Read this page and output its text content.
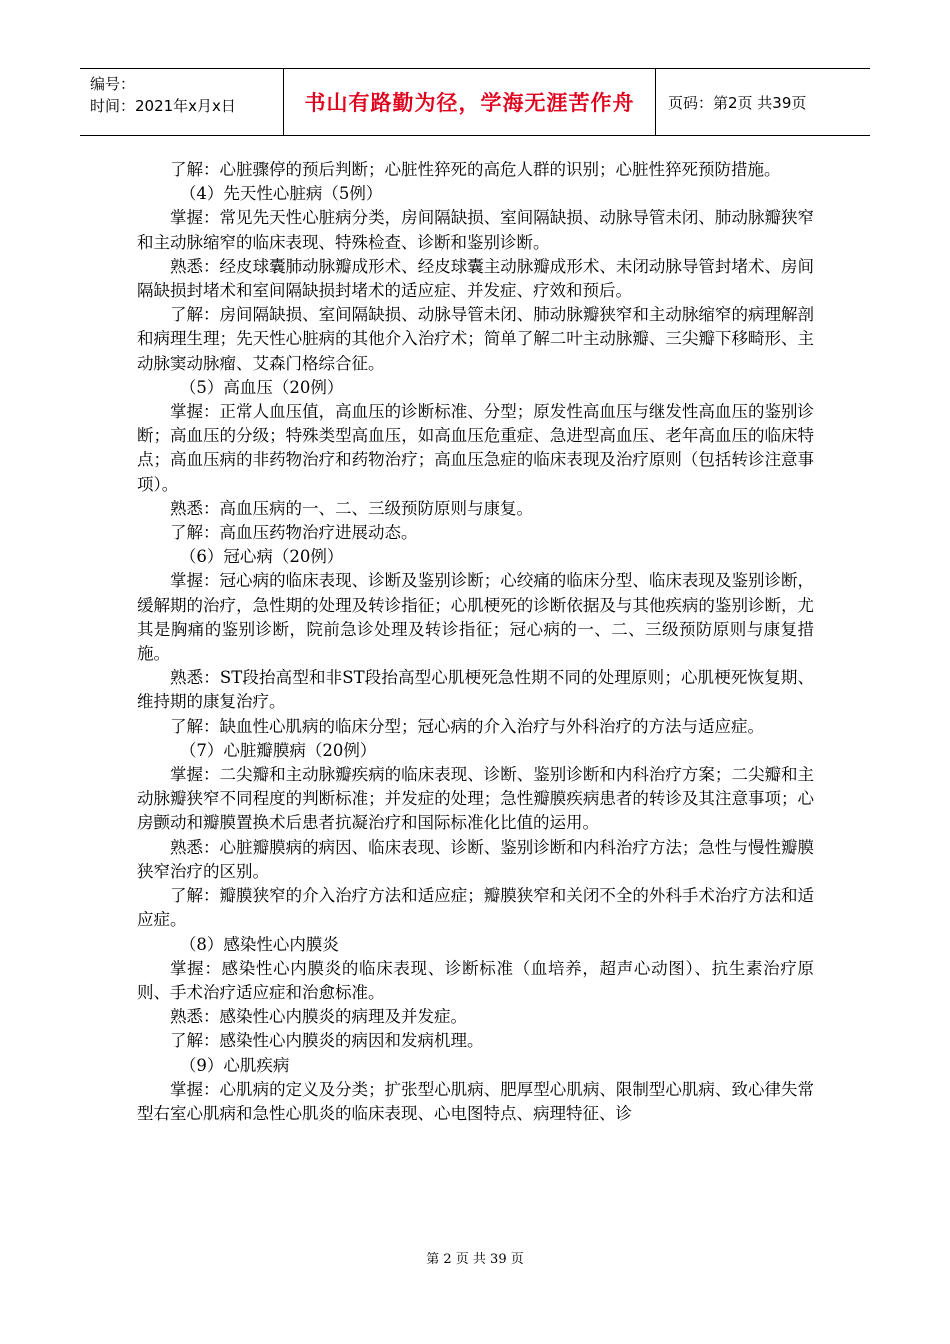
编号：
时间：2021年x月x日	书山有路勤为径，学海无涯苦作舟	页码：第2页 共39页

了解：心脏骤停的预后判断；心脏性猝死的高危人群的识别；心脏性猝死预防措施。

（4）先天性心脏病（5例）

掌握：常见先天性心脏病分类，房间隔缺损、室间隔缺损、动脉导管未闭、肺动脉瓣狭窄和主动脉缩窄的临床表现、特殊检查、诊断和鉴别诊断。

熟悉：经皮球囊肺动脉瓣成形术、经皮球囊主动脉瓣成形术、未闭动脉导管封堵术、房间隔缺损封堵术和室间隔缺损封堵术的适应症、并发症、疗效和预后。

了解：房间隔缺损、室间隔缺损、动脉导管未闭、肺动脉瓣狭窄和主动脉缩窄的病理解剖和病理生理；先天性心脏病的其他介入治疗术；简单了解二叶主动脉瓣、三尖瓣下移畸形、主动脉窦动脉瘤、艾森门格综合征。

（5）高血压（20例）

掌握：正常人血压值，高血压的诊断标准、分型；原发性高血压与继发性高血压的鉴别诊断；高血压的分级；特殊类型高血压，如高血压危重症、急进型高血压、老年高血压的临床特点；高血压病的非药物治疗和药物治疗；高血压急症的临床表现及治疗原则（包括转诊注意事项）。

熟悉：高血压病的一、二、三级预防原则与康复。

了解：高血压药物治疗进展动态。

（6）冠心病（20例）

掌握：冠心病的临床表现、诊断及鉴别诊断；心绞痛的临床分型、临床表现及鉴别诊断，缓解期的治疗，急性期的处理及转诊指征；心肌梗死的诊断依据及与其他疾病的鉴别诊断，尤其是胸痛的鉴别诊断，院前急诊处理及转诊指征；冠心病的一、二、三级预防原则与康复措施。

熟悉：ST段抬高型和非ST段抬高型心肌梗死急性期不同的处理原则；心肌梗死恢复期、维持期的康复治疗。

了解：缺血性心肌病的临床分型；冠心病的介入治疗与外科治疗的方法与适应症。

（7）心脏瓣膜病（20例）

掌握：二尖瓣和主动脉瓣疾病的临床表现、诊断、鉴别诊断和内科治疗方案；二尖瓣和主动脉瓣狭窄不同程度的判断标准；并发症的处理；急性瓣膜疾病患者的转诊及其注意事项；心房颤动和瓣膜置换术后患者抗凝治疗和国际标准化比值的运用。

熟悉：心脏瓣膜病的病因、临床表现、诊断、鉴别诊断和内科治疗方法；急性与慢性瓣膜狭窄治疗的区别。

了解：瓣膜狭窄的介入治疗方法和适应症；瓣膜狭窄和关闭不全的外科手术治疗方法和适应症。

（8）感染性心内膜炎

掌握：感染性心内膜炎的临床表现、诊断标准（血培养，超声心动图）、抗生素治疗原则、手术治疗适应症和治愈标准。

熟悉：感染性心内膜炎的病理及并发症。

了解：感染性心内膜炎的病因和发病机理。

（9）心肌疾病

掌握：心肌病的定义及分类；扩张型心肌病、肥厚型心肌病、限制型心肌病、致心律失常型右室心肌病和急性心肌炎的临床表现、心电图特点、病理特征、诊

第 2 页 共 39 页
